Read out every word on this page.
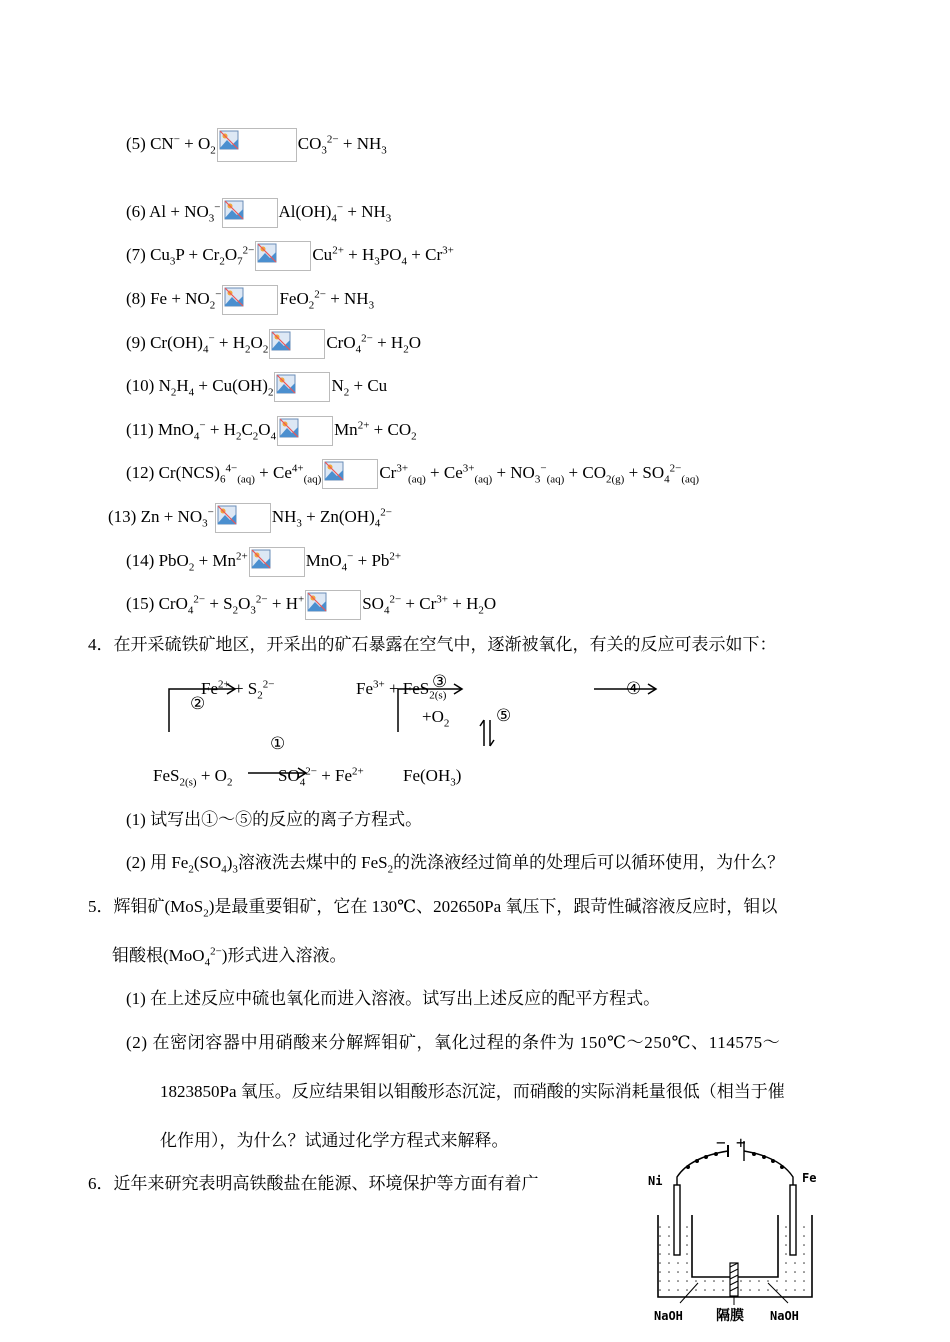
(5) $CN^- + O_2$	$CO_3^{2-} + NH_3$
(6) $Al + NO_3^-$	$Al(OH)_4^- + NH_3$
(7) $Cu_3P + Cr_2O_7^{2-}$	$Cu^{2+} + H_3PO_4 + Cr^{3+}$
(8) $Fe + NO_2^-$	$FeO_2^{2-} + NH_3$
(9) $Cr(OH)_4^- + H_2O_2$	$CrO_4^{2-} + H_2O$
(10) $N_2H_4 + Cu(OH)_2$	$N_2 + Cu$
(11) $MnO_4^- + H_2C_2O_4$	$Mn^{2+} + CO_2$
(12) $Cr(NCS)_6^{4-}_{(aq)} + Ce^{4+}_{(aq)}$	$Cr^{3+}_{(aq)} + Ce^{3+}_{(aq)} + NO_3^-_{(aq)} + CO_{2(g)} + SO_4^{2-}_{(aq)}$
(13) $Zn + NO_3^-$	$NH_3 + Zn(OH)_4^{2-}$
(14) $PbO_2 + Mn^{2+}$	$MnO_4^- + Pb^{2+}$
(15) $CrO_4^{2-} + S_2O_3^{2-} + H^+$	$SO_4^{2-} + Cr^{3+} + H_2O$
4．在开采硫铁矿地区，开采出的矿石暴露在空气中，逐渐被氧化，有关的反应可表示如下：
$Fe^{2+} + S_2^{2-}$
②
$Fe^{3+} + FeS_{2(s)}$
③
$+O_2$
④
⑤
①
$FeS_{2(s)} + O_2$	$SO_4^{2-} + Fe^{2+}$ $Fe(OH_3)$
(1) 试写出①～⑤的反应的离子方程式。
(2) 用 $Fe_2(SO_4)_3$溶液洗去煤中的 FeS$_2$的洗涤液经过简单的处理后可以循环使用，为什么？
5．辉钼矿(MoS$_2$)是最重要钼矿，它在 130℃、202650Pa 氧压下，跟苛性碱溶液反应时，钼以
钼酸根(MoO$_4^{2-}$)形式进入溶液。
(1) 在上述反应中硫也氧化而进入溶液。试写出上述反应的配平方程式。
(2) 在密闭容器中用硝酸来分解辉钼矿，氧化过程的条件为 150℃～250℃、114575～
1823850Pa 氧压。反应结果钼以钼酸形态沉淀，而硝酸的实际消耗量很低（相当于催
化作用），为什么？试通过化学方程式来解释。
6．近年来研究表明高铁酸盐在能源、环境保护等方面有着广
− +
Ni	Fe
NaOH 隔膜 NaOH
